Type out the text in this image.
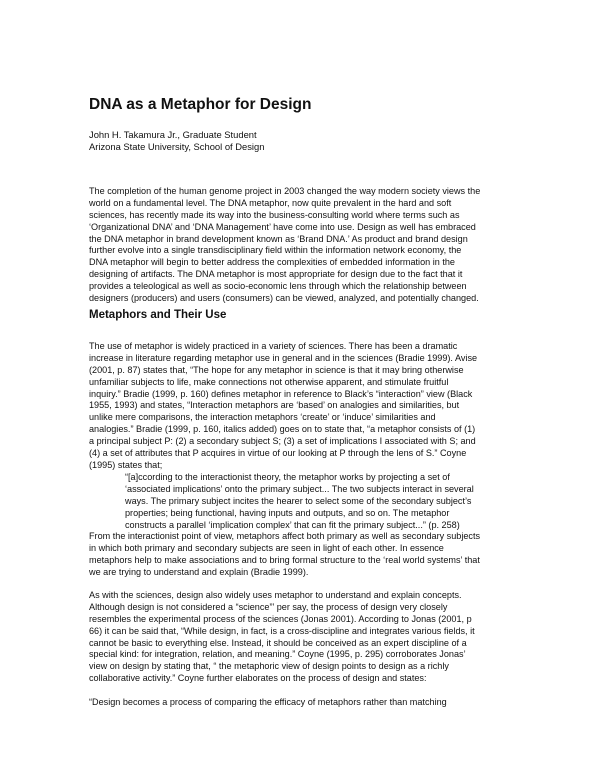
DNA as a Metaphor for Design
John H. Takamura Jr., Graduate Student
Arizona State University, School of Design
The completion of the human genome project in 2003 changed the way modern society views the
world on a fundamental level. The DNA metaphor, now quite prevalent in the hard and soft
sciences, has recently made its way into the business-consulting world where terms such as
‘Organizational DNA’ and ‘DNA Management’ have come into use. Design as well has embraced
the DNA metaphor in brand development known as ‘Brand DNA.’ As product and brand design
further evolve into a single transdisciplinary field within the information network economy, the
DNA metaphor will begin to better address the complexities of embedded information in the
designing of artifacts. The DNA metaphor is most appropriate for design due to the fact that it
provides a teleological as well as socio-economic lens through which the relationship between
designers (producers) and users (consumers) can be viewed, analyzed, and potentially changed.
Metaphors and Their Use
The use of metaphor is widely practiced in a variety of sciences. There has been a dramatic
increase in literature regarding metaphor use in general and in the sciences (Bradie 1999). Avise
(2001, p. 87) states that, “The hope for any metaphor in science is that it may bring otherwise
unfamiliar subjects to life, make connections not otherwise apparent, and stimulate fruitful
inquiry.” Bradie (1999, p. 160) defines metaphor in reference to Black’s “interaction” view (Black
1955, 1993) and states, “Interaction metaphors are ‘based’ on analogies and similarities, but
unlike mere comparisons, the interaction metaphors ‘create’ or ‘induce’ similarities and
analogies.” Bradie (1999, p. 160, italics added) goes on to state that, “a metaphor consists of (1)
a principal subject P: (2) a secondary subject S; (3) a set of implications I associated with S; and
(4) a set of attributes that P acquires in virtue of our looking at P through the lens of S.” Coyne
(1995) states that;
“[a]ccording to the interactionist theory, the metaphor works by projecting a set of
‘associated implications’ onto the primary subject... The two subjects interact in several
ways. The primary subject incites the hearer to select some of the secondary subject’s
properties; being functional, having inputs and outputs, and so on. The metaphor
constructs a parallel ‘implication complex’ that can fit the primary subject...” (p. 258)
From the interactionist point of view, metaphors affect both primary as well as secondary subjects
in which both primary and secondary subjects are seen in light of each other. In essence
metaphors help to make associations and to bring formal structure to the ‘real world systems’ that
we are trying to understand and explain (Bradie 1999).
As with the sciences, design also widely uses metaphor to understand and explain concepts.
Although design is not considered a “science”’ per say, the process of design very closely
resembles the experimental process of the sciences (Jonas 2001). According to Jonas (2001, p
66) it can be said that, “While design, in fact, is a cross-discipline and integrates various fields, it
cannot be basic to everything else. Instead, it should be conceived as an expert discipline of a
special kind: for integration, relation, and meaning.” Coyne (1995, p. 295) corroborates Jonas’
view on design by stating that, “ the metaphoric view of design points to design as a richly
collaborative activity.” Coyne further elaborates on the process of design and states:
“Design becomes a process of comparing the efficacy of metaphors rather than matching
